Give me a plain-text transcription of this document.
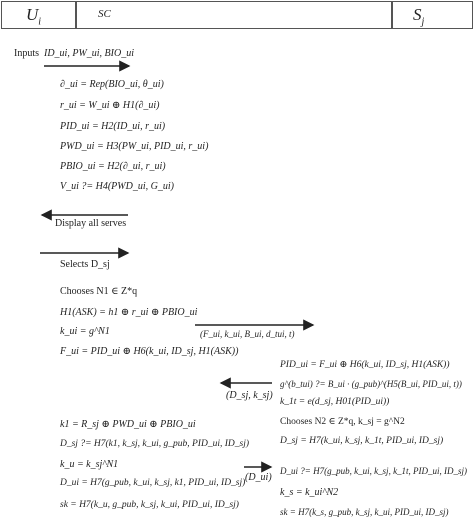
$U_i$
SC	$S_j$
Inputs ID_ui, PW_ui, BIO_ui
∂_ui = Rep(BIO_ui, θ_ui)
r_ui = W_ui ⊕ H1(∂_ui)
PID_ui = H2(ID_ui, r_ui)
PWD_ui = H3(PW_ui, PID_ui, r_ui)
PBIO_ui = H2(∂_ui, r_ui)
V_ui ?= H4(PWD_ui, G_ui)
Display all serves
Selects D_sj
Chooses N1 ∈ Z*q
H1(ASK) = h1 ⊕ r_ui ⊕ PBIO_ui
k_ui = g^N1	(F_ui, k_ui, B_ui, d_tui, t)
F_ui = PID_ui ⊕ H6(k_ui, ID_sj, H1(ASK))
PID_ui = F_ui ⊕ H6(k_ui, ID_sj, H1(ASK))
g^(b_tui) ?= B_ui · (g_pub)^(H5(B_ui, PID_ui, t))
k_1t = e(d_sj, H01(PID_ui))
(D_sj, k_sj)
Chooses N2 ∈ Z*q, k_sj = g^N2
D_sj = H7(k_ui, k_sj, k_1t, PID_ui, ID_sj)
k1 = R_sj ⊕ PWD_ui ⊕ PBIO_ui
D_sj ?= H7(k1, k_sj, k_ui, g_pub, PID_ui, ID_sj)
k_u = k_sj^N1
D_ui = H7(g_pub, k_ui, k_sj, k1, PID_ui, ID_sj) (D_ui)
sk = H7(k_u, g_pub, k_sj, k_ui, PID_ui, ID_sj)
D_ui ?= H7(g_pub, k_ui, k_sj, k_1t, PID_ui, ID_sj)
k_s = k_ui^N2
sk = H7(k_s, g_pub, k_sj, k_ui, PID_ui, ID_sj)
